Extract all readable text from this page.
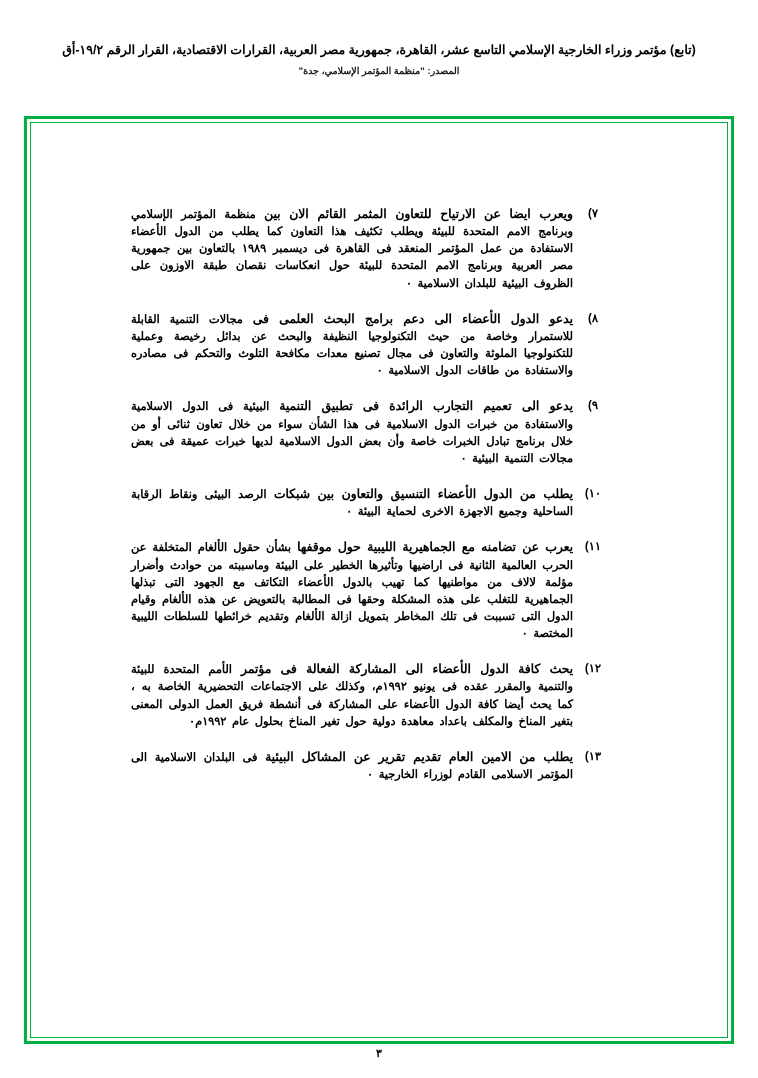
(تابع) مؤتمر وزراء الخارجية الإسلامي التاسع عشر، القاهرة، جمهورية مصر العربية، القرارات الاقتصادية، القرار الرقم ١٩/٢-أق
المصدر: "منظمة المؤتمر الإسلامي، جدة"
٧)
ويعرب ايضا عن الارتياح للتعاون المثمر القائم الان بين منظمة المؤتمر الإسلامي وبرنامج الامم المتحدة للبيئة ويطلب تكثيف هذا التعاون كما يطلب من الدول الأعضاء الاستفادة من عمل المؤتمر المنعقد فى القاهرة فى ديسمبر ١٩٨٩ بالتعاون بين جمهورية مصر العربية وبرنامج الامم المتحدة للبيئة حول انعكاسات نقصان طبقة الاوزون على الظروف البيئية للبلدان الاسلامية ٠
٨)
يدعو الدول الأعضاء الى دعم برامج البحث العلمى فى مجالات التنمية القابلة للاستمرار وخاصة من حيث التكنولوجيا النظيفة والبحث عن بدائل رخيصة وعملية للتكنولوجيا الملوثة والتعاون فى مجال تصنيع معدات مكافحة التلوث والتحكم فى مصادره والاستفادة من طاقات الدول الاسلامية ٠
٩)
يدعو الى تعميم التجارب الرائدة فى تطبيق التنمية البيئية فى الدول الاسلامية والاستفادة من خبرات الدول الاسلامية فى هذا الشأن سواء من خلال تعاون ثنائى أو من خلال برنامج تبادل الخبرات خاصة وأن بعض الدول الاسلامية لديها خبرات عميقة فى بعض مجالات التنمية البيئية ٠
١٠)
يطلب من الدول الأعضاء التنسيق والتعاون بين شبكات الرصد البيئى ونقاط الرقابة الساحلية وجميع الاجهزة الاخرى لحماية البيئة ٠
١١)
يعرب عن تضامنه مع الجماهيرية الليبية حول موقفها بشأن حقول الألغام المتخلفة عن الحرب العالمية الثانية فى اراضيها وتأثيرها الخطير على البيئة وماسببته من حوادث وأضرار مؤلمة لالاف من مواطنيها كما تهيب بالدول الأعضاء التكاتف مع الجهود التى تبذلها الجماهيرية للتغلب على هذه المشكلة وحقها فى المطالبة بالتعويض عن هذه الألغام وقيام الدول التى تسببت فى تلك المخاطر بتمويل ازالة الألغام وتقديم خرائطها للسلطات الليبية المختصة ٠
١٢)
يحث كافة الدول الأعضاء الى المشاركة الفعالة فى مؤتمر الأمم المتحدة للبيئة والتنمية والمقرر عقده فى يونيو ١٩٩٢م، وكذلك على الاجتماعات التحضيرية الخاصة به ، كما يحث أيضا كافة الدول الأعضاء على المشاركة فى أنشطة فريق العمل الدولى المعنى بتغير المناخ والمكلف باعداد معاهدة دولية حول تغير المناخ بحلول عام ١٩٩٢م٠
١٣)
يطلب من الامين العام تقديم تقرير عن المشاكل البيئية فى البلدان الاسلامية الى المؤتمر الاسلامى القادم لوزراء الخارجية ٠
٣
